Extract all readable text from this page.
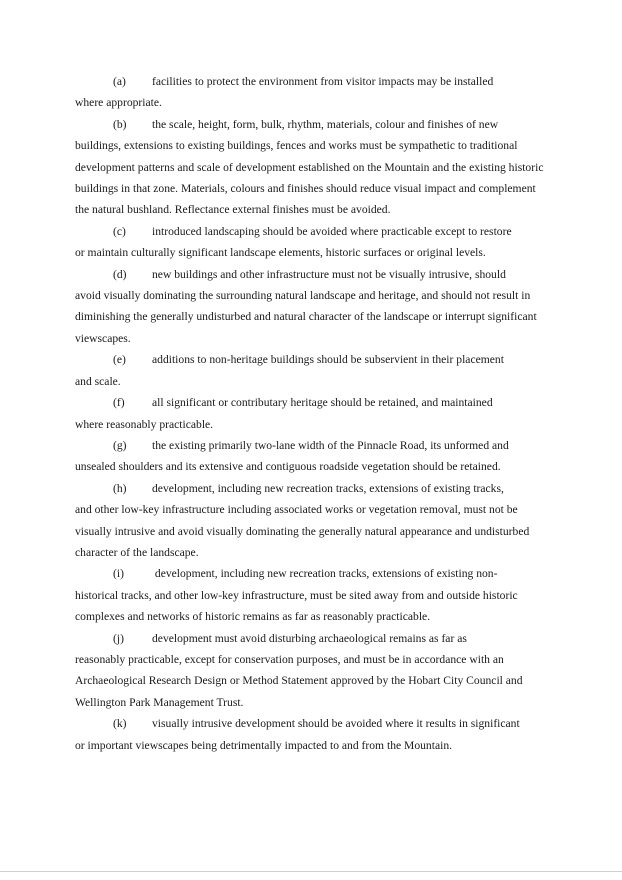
(a) facilities to protect the environment from visitor impacts may be installed
where appropriate.

(b) the scale, height, form, bulk, rhythm, materials, colour and finishes of new
buildings, extensions to existing buildings, fences and works must be sympathetic to traditional development patterns and scale of development established on the Mountain and the existing historic buildings in that zone. Materials, colours and finishes should reduce visual impact and complement the natural bushland. Reflectance external finishes must be avoided.

(c) introduced landscaping should be avoided where practicable except to restore
or maintain culturally significant landscape elements, historic surfaces or original levels.

(d) new buildings and other infrastructure must not be visually intrusive, should
avoid visually dominating the surrounding natural landscape and heritage, and should not result in diminishing the generally undisturbed and natural character of the landscape or interrupt significant viewscapes.

(e) additions to non-heritage buildings should be subservient in their placement
and scale.

(f) all significant or contributary heritage should be retained, and maintained
where reasonably practicable.

(g) the existing primarily two-lane width of the Pinnacle Road, its unformed and
unsealed shoulders and its extensive and contiguous roadside vegetation should be retained.

(h) development, including new recreation tracks, extensions of existing tracks,
and other low-key infrastructure including associated works or vegetation removal, must not be visually intrusive and avoid visually dominating the generally natural appearance and undisturbed character of the landscape.

(i) development, including new recreation tracks, extensions of existing non-
historical tracks, and other low-key infrastructure, must be sited away from and outside historic complexes and networks of historic remains as far as reasonably practicable.

(j) development must avoid disturbing archaeological remains as far as
reasonably practicable, except for conservation purposes, and must be in accordance with an Archaeological Research Design or Method Statement approved by the Hobart City Council and Wellington Park Management Trust.

(k) visually intrusive development should be avoided where it results in significant
or important viewscapes being detrimentally impacted to and from the Mountain.
